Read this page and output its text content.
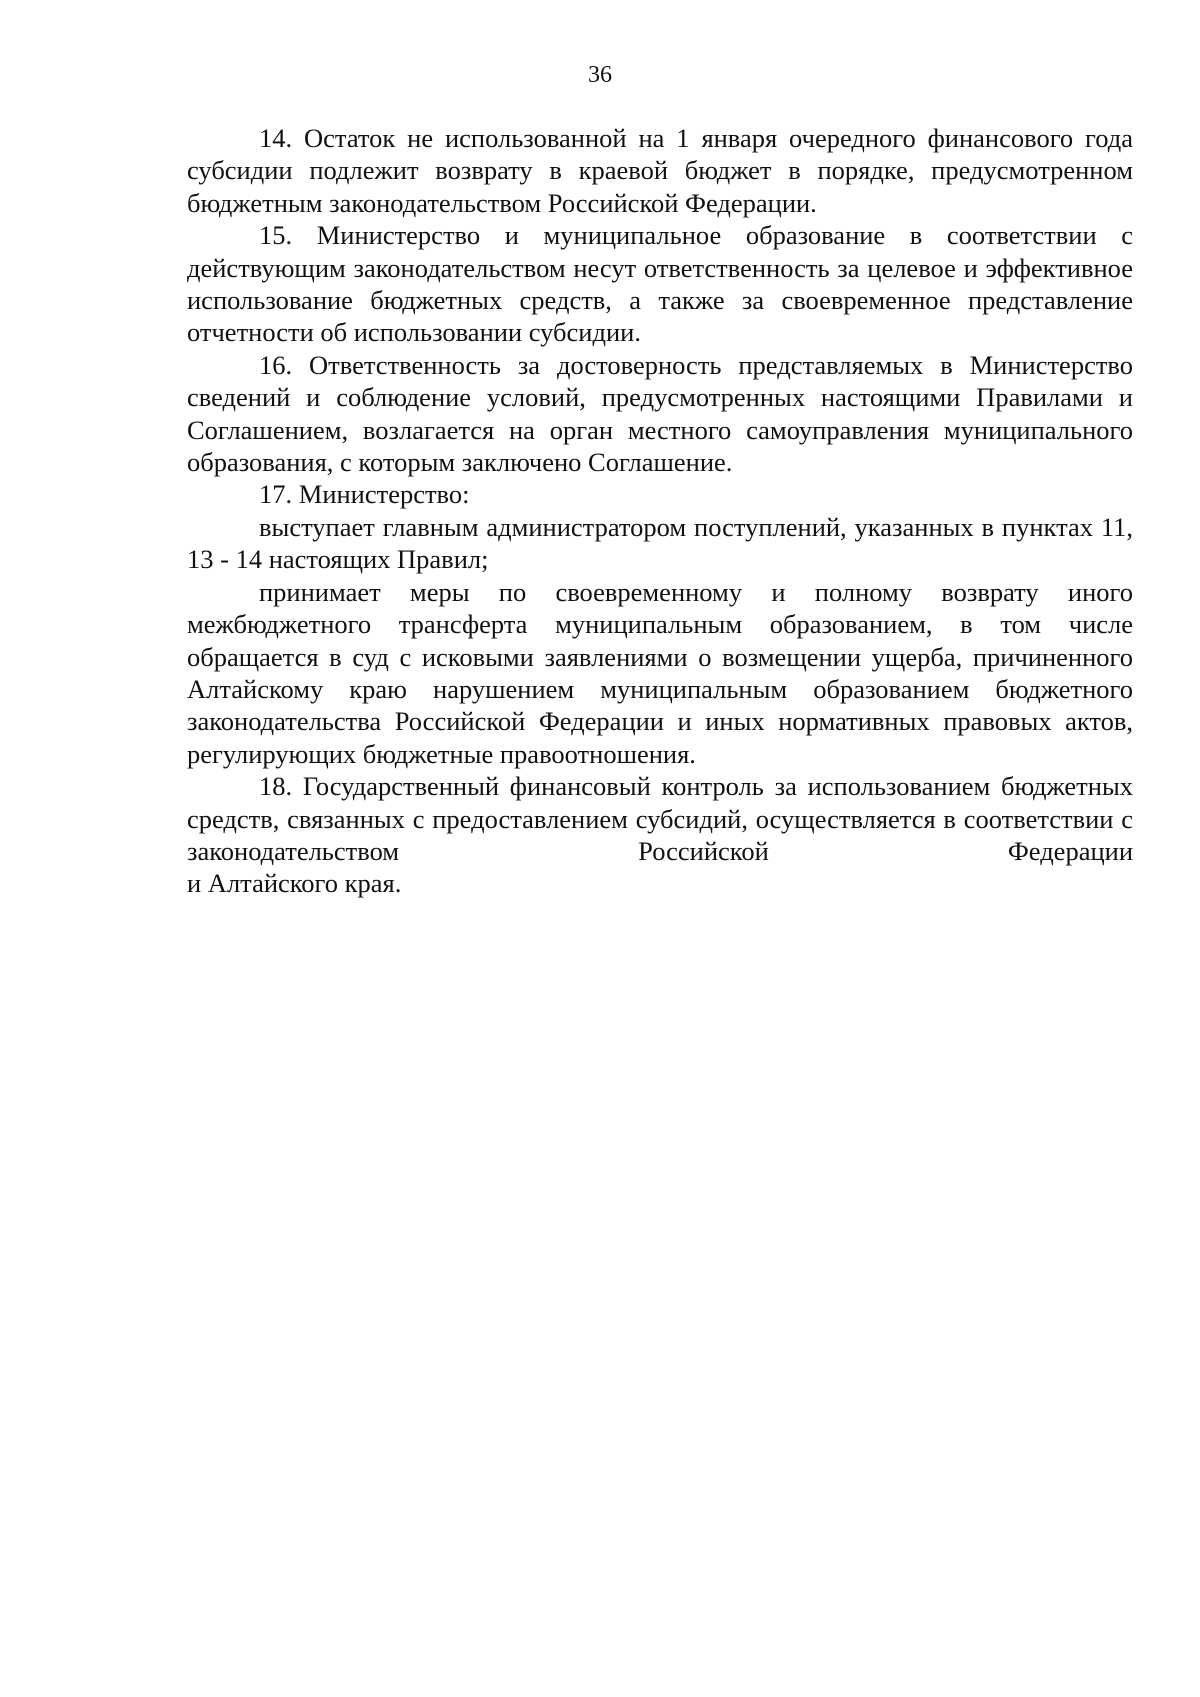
36

14. Остаток не использованной на 1 января очередного финансового года субсидии подлежит возврату в краевой бюджет в порядке, предусмотренном бюджетным законодательством Российской Федерации.

15. Министерство и муниципальное образование в соответствии с действующим законодательством несут ответственность за целевое и эффективное использование бюджетных средств, а также за своевременное представление отчетности об использовании субсидии.

16. Ответственность за достоверность представляемых в Министерство сведений и соблюдение условий, предусмотренных настоящими Правилами и Соглашением, возлагается на орган местного самоуправления муниципального образования, с которым заключено Соглашение.

17. Министерство:

выступает главным администратором поступлений, указанных в пунктах 11, 13 - 14 настоящих Правил;

принимает меры по своевременному и полному возврату иного межбюджетного трансферта муниципальным образованием, в том числе обращается в суд с исковыми заявлениями о возмещении ущерба, причиненного Алтайскому краю нарушением муниципальным образованием бюджетного законодательства Российской Федерации и иных нормативных правовых актов, регулирующих бюджетные правоотношения.

18. Государственный финансовый контроль за использованием бюджетных средств, связанных с предоставлением субсидий, осуществляется в соответствии с законодательством Российской Федерации

и Алтайского края.
